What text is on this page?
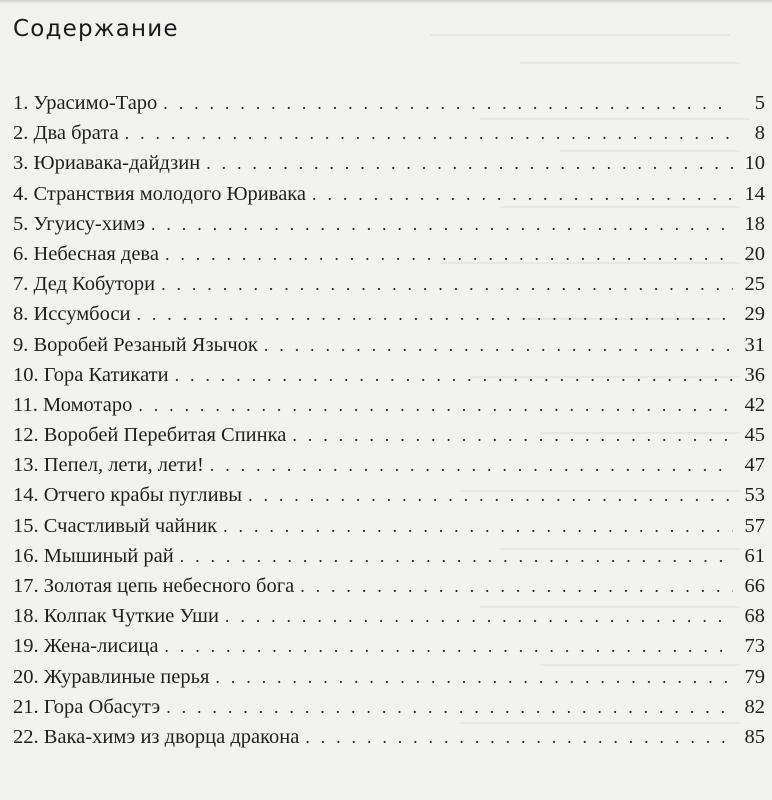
Содержание
1. Урасимо-Таро . . .	5
2. Два брата . . .	8
3. Юриавака-дайдзин . . .	10
4. Странствия молодого Юривака . . .	14
5. Угуису-химэ . . .	18
6. Небесная дева . . .	20
7. Дед Кобутори . . .	25
8. Иссумбоси . . .	29
9. Воробей Резаный Язычок . . .	31
10. Гора Катикати . . .	36
11. Момотаро . . .	42
12. Воробей Перебитая Спинка . . .	45
13. Пепел, лети, лети! . . .	47
14. Отчего крабы пугливы . . .	53
15. Счастливый чайник . . .	57
16. Мышиный рай . . .	61
17. Золотая цепь небесного бога . . .	66
18. Колпак Чуткие Уши . . .	68
19. Жена-лисица . . .	73
20. Журавлиные перья . . .	79
21. Гора Обасутэ . . .	82
22. Вака-химэ из дворца дракона . . .	85
